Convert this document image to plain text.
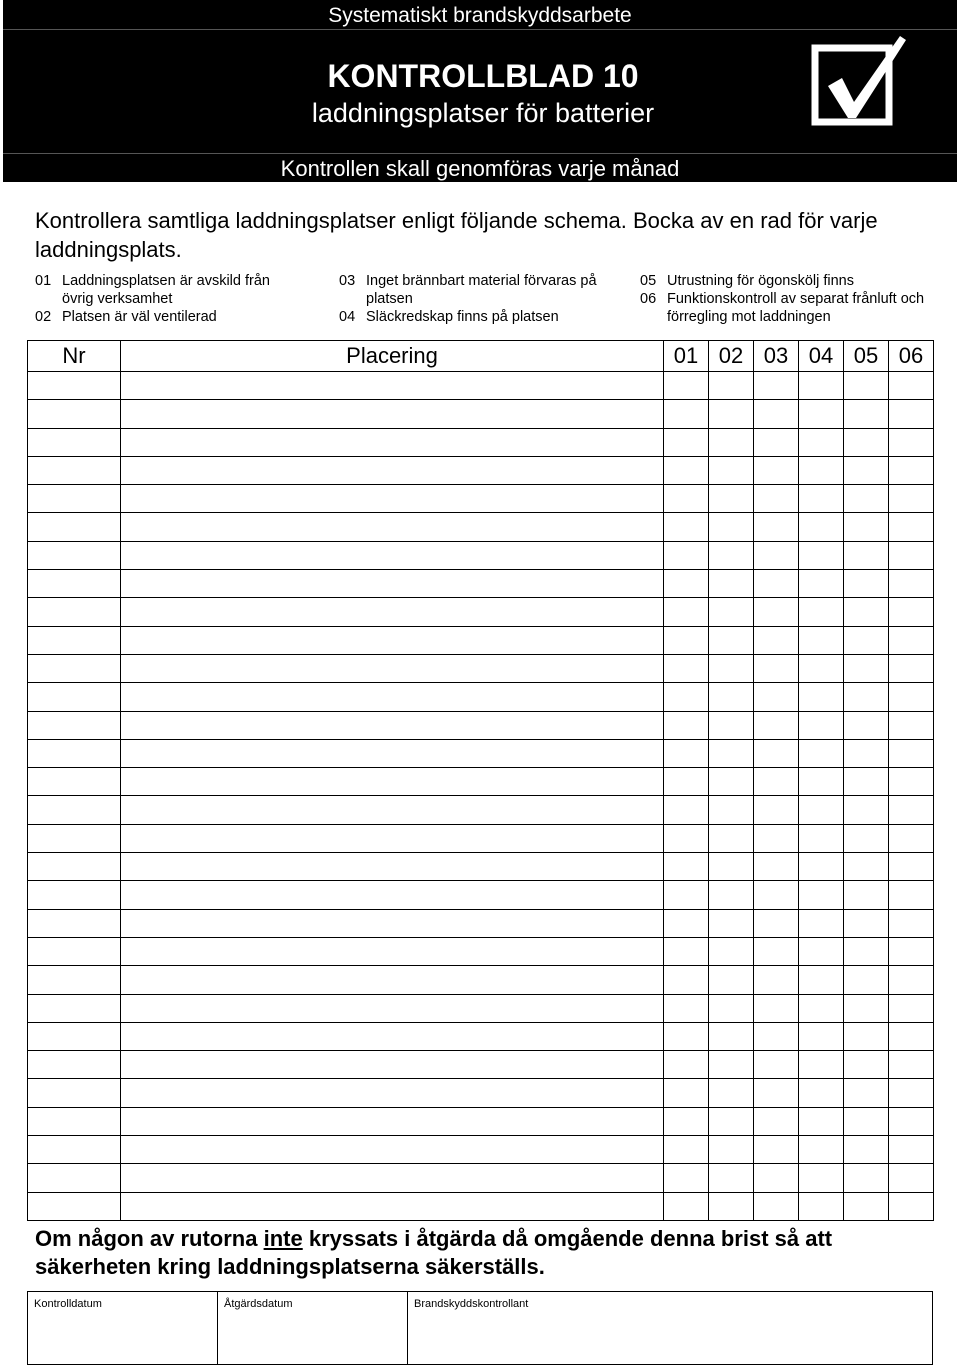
Systematiskt brandskyddsarbete
KONTROLLBLAD 10
laddningsplatser för batterier
Kontrollen skall genomföras varje månad
Kontrollera samtliga laddningsplatser enligt följande schema. Bocka av en rad för varje laddningsplats.
01 Laddningsplatsen är avskild från övrig verksamhet
02 Platsen är väl ventilerad
03 Inget brännbart material förvaras på platsen
04 Släckredskap finns på platsen
05 Utrustning för ögonskölj finns
06 Funktionskontroll av separat frånluft och förregling mot laddningen
Nr	Placering	01	02	03	04	05	06

Om någon av rutorna inte kryssats i åtgärda då omgående denna brist så att säkerheten kring laddningsplatserna säkerställs.
Kontrolldatum	Åtgärdsdatum	Brandskyddskontrollant
